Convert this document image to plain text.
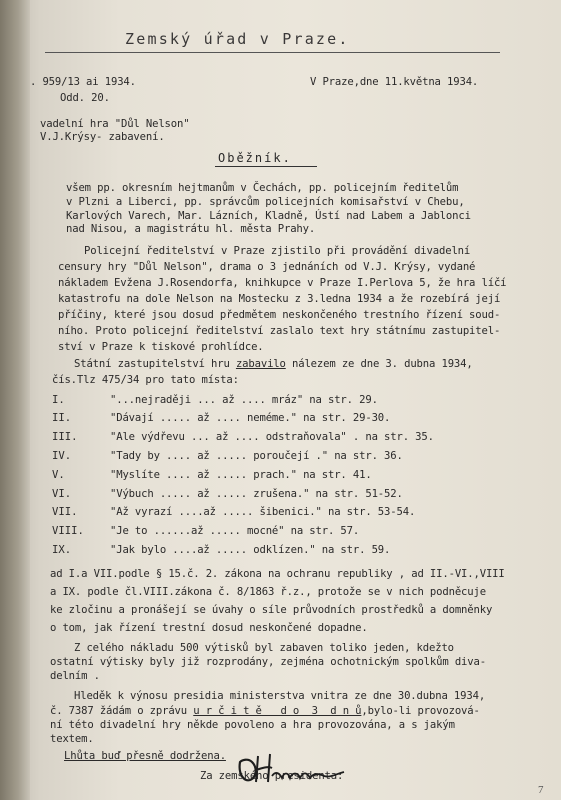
Zemský úřad v Praze.
. 959/13 ai 1934.
Odd. 20.
V Praze,dne 11.května 1934.
vadelní hra "Důl Nelson"
V.J.Krýsy- zabavení.
Oběžník.
všem pp. okresním hejtmanům v Čechách, pp. policejním ředitelům
v Plzni a Liberci, pp. správcům policejních komisařství v Chebu,
Karlových Varech, Mar. Lázních, Kladně, Ústí nad Labem a Jablonci
nad Nisou, a magistrátu hl. města Prahy.
Policejní ředitelství v Praze zjistilo při provádění divadelní
censury hry "Důl Nelson", drama o 3 jednáních od V.J. Krýsy, vydané
nákladem Evžena J.Rosendorfa, knihkupce v Praze I.Perlova 5, že hra líčí
katastrofu na dole Nelson na Mostecku z 3.ledna 1934 a že rozebírá její
příčiny, které jsou dosud předmětem neskončeného trestního řízení soud-
ního. Proto policejní ředitelství zaslalo text hry státnímu zastupitel-
ství v Praze k tiskové prohlídce.
Státní zastupitelství hru zabavilo nálezem ze dne 3. dubna 1934,
čís.Tlz 475/34 pro tato místa:
I.	"...nejraději ... až .... mráz" na str. 29.
II.	"Dávají ..... až .... neméme." na str. 29-30.
III.	"Ale výdřevu ... až .... odstraňovala" . na str. 35.
IV.	"Tady by .... až ..... poroučejí ." na str. 36.
V.	"Myslíte .... až ..... prach." na str. 41.
VI.	"Výbuch ..... až ..... zrušena." na str. 51-52.
VII.	"Až vyrazí ....až ..... šibenici." na str. 53-54.
VIII. "Je to ......až ..... mocné" na str. 57.
IX.	"Jak bylo ....až ..... odklízen." na str. 59.
ad I.a VII.podle § 15.č. 2. zákona na ochranu republiky , ad II.-VI.,VIII
a IX. podle čl.VIII.zákona č. 8/1863 ř.z., protože se v nich podněcuje
ke zločinu a pronášejí se úvahy o síle průvodních prostředků a domněnky
o tom, jak řízení trestní dosud neskončené dopadne.
Z celého nákladu 500 výtisků byl zabaven toliko jeden, kdežto
ostatní výtisky byly již rozprodány, zejména ochotnickým spolkům diva-
delním .
Hleděk k výnosu presidia ministerstva vnitra ze dne 30.dubna 1934,
č. 7387 žádám o zprávu u r č i t ě   d o  3  d n ů,bylo-li provozová-
ní této divadelní hry někde povoleno a hra provozována, a s jakým
textem.
Lhůta buď přesně dodržena.
Za zemského presidenta:
7
